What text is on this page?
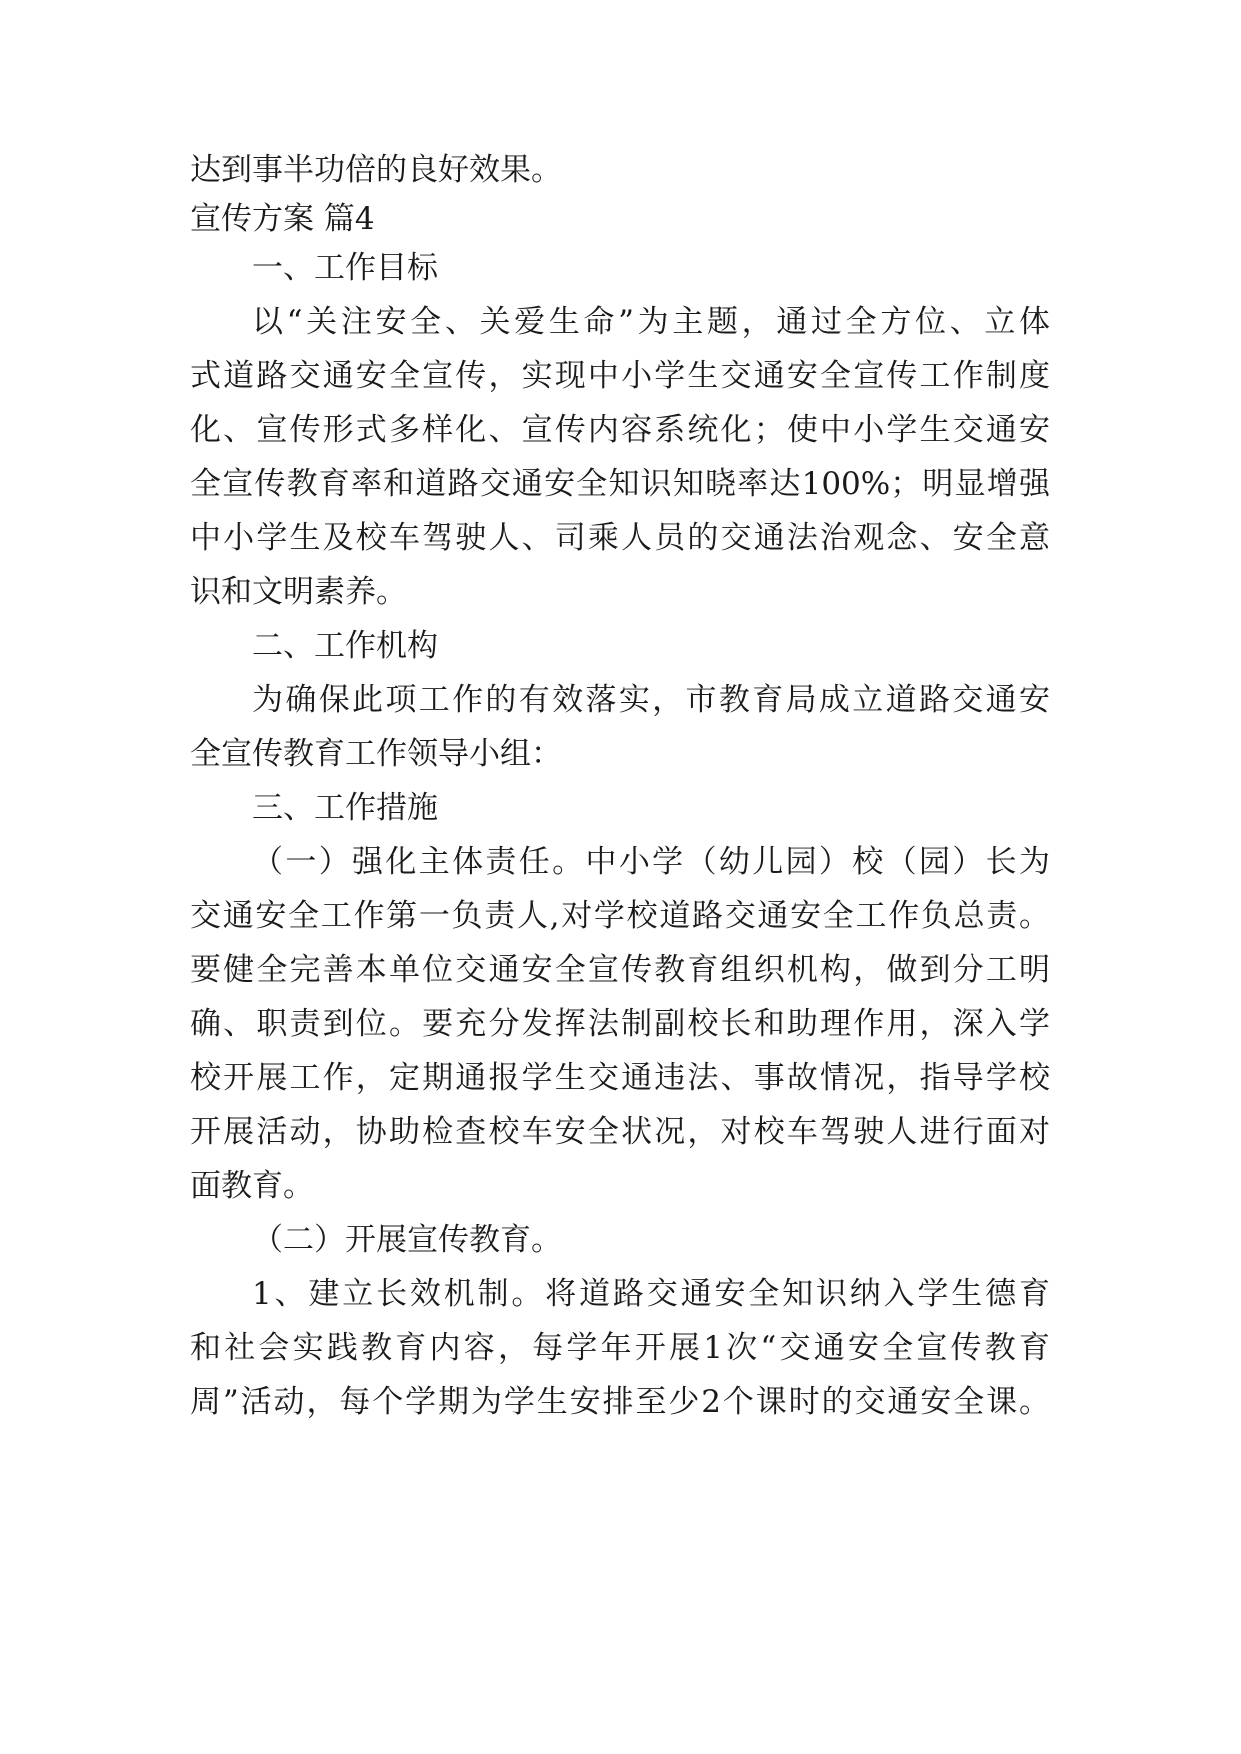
达到事半功倍的良好效果。

宣传方案 篇4

一、工作目标

以“关注安全、关爱生命”为主题，通过全方位、立体

式道路交通安全宣传，实现中小学生交通安全宣传工作制度

化、宣传形式多样化、宣传内容系统化；使中小学生交通安

全宣传教育率和道路交通安全知识知晓率达100%；明显增强

中小学生及校车驾驶人、司乘人员的交通法治观念、安全意

识和文明素养。

二、工作机构

为确保此项工作的有效落实，市教育局成立道路交通安

全宣传教育工作领导小组：

三、工作措施

（一）强化主体责任。中小学（幼儿园）校（园）长为

交通安全工作第一负责人,对学校道路交通安全工作负总责。

要健全完善本单位交通安全宣传教育组织机构，做到分工明

确、职责到位。要充分发挥法制副校长和助理作用，深入学

校开展工作，定期通报学生交通违法、事故情况，指导学校

开展活动，协助检查校车安全状况，对校车驾驶人进行面对

面教育。

（二）开展宣传教育。

1、建立长效机制。将道路交通安全知识纳入学生德育

和社会实践教育内容，每学年开展1次“交通安全宣传教育

周”活动，每个学期为学生安排至少2个课时的交通安全课。
